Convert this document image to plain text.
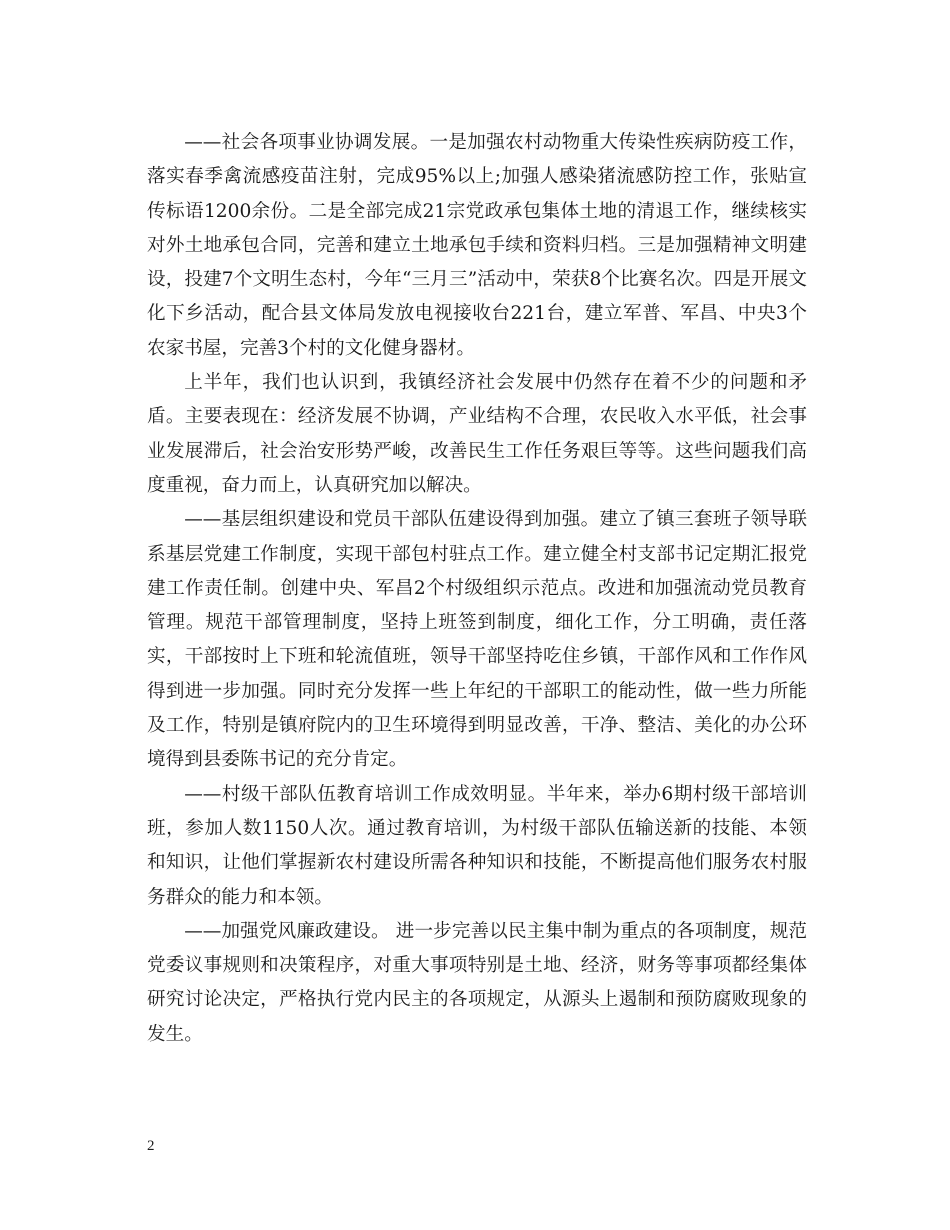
——社会各项事业协调发展。一是加强农村动物重大传染性疾病防疫工作，落实春季禽流感疫苗注射，完成95%以上;加强人感染猪流感防控工作，张贴宣传标语1200余份。二是全部完成21宗党政承包集体土地的清退工作，继续核实对外土地承包合同，完善和建立土地承包手续和资料归档。三是加强精神文明建设，投建7个文明生态村，今年“三月三”活动中，荣获8个比赛名次。四是开展文化下乡活动，配合县文体局发放电视接收台221台，建立军普、军昌、中央3个农家书屋，完善3个村的文化健身器材。

上半年，我们也认识到，我镇经济社会发展中仍然存在着不少的问题和矛盾。主要表现在：经济发展不协调，产业结构不合理，农民收入水平低，社会事业发展滞后，社会治安形势严峻，改善民生工作任务艰巨等等。这些问题我们高度重视，奋力而上，认真研究加以解决。

——基层组织建设和党员干部队伍建设得到加强。建立了镇三套班子领导联系基层党建工作制度，实现干部包村驻点工作。建立健全村支部书记定期汇报党建工作责任制。创建中央、军昌2个村级组织示范点。改进和加强流动党员教育管理。规范干部管理制度，坚持上班签到制度，细化工作，分工明确，责任落实，干部按时上下班和轮流值班，领导干部坚持吃住乡镇，干部作风和工作作风得到进一步加强。同时充分发挥一些上年纪的干部职工的能动性，做一些力所能及工作，特别是镇府院内的卫生环境得到明显改善，干净、整洁、美化的办公环境得到县委陈书记的充分肯定。

——村级干部队伍教育培训工作成效明显。半年来，举办6期村级干部培训班，参加人数1150人次。通过教育培训，为村级干部队伍输送新的技能、本领和知识，让他们掌握新农村建设所需各种知识和技能，不断提高他们服务农村服务群众的能力和本领。

——加强党风廉政建设。 进一步完善以民主集中制为重点的各项制度，规范党委议事规则和决策程序，对重大事项特别是土地、经济，财务等事项都经集体研究讨论决定，严格执行党内民主的各项规定，从源头上遏制和预防腐败现象的发生。

2
